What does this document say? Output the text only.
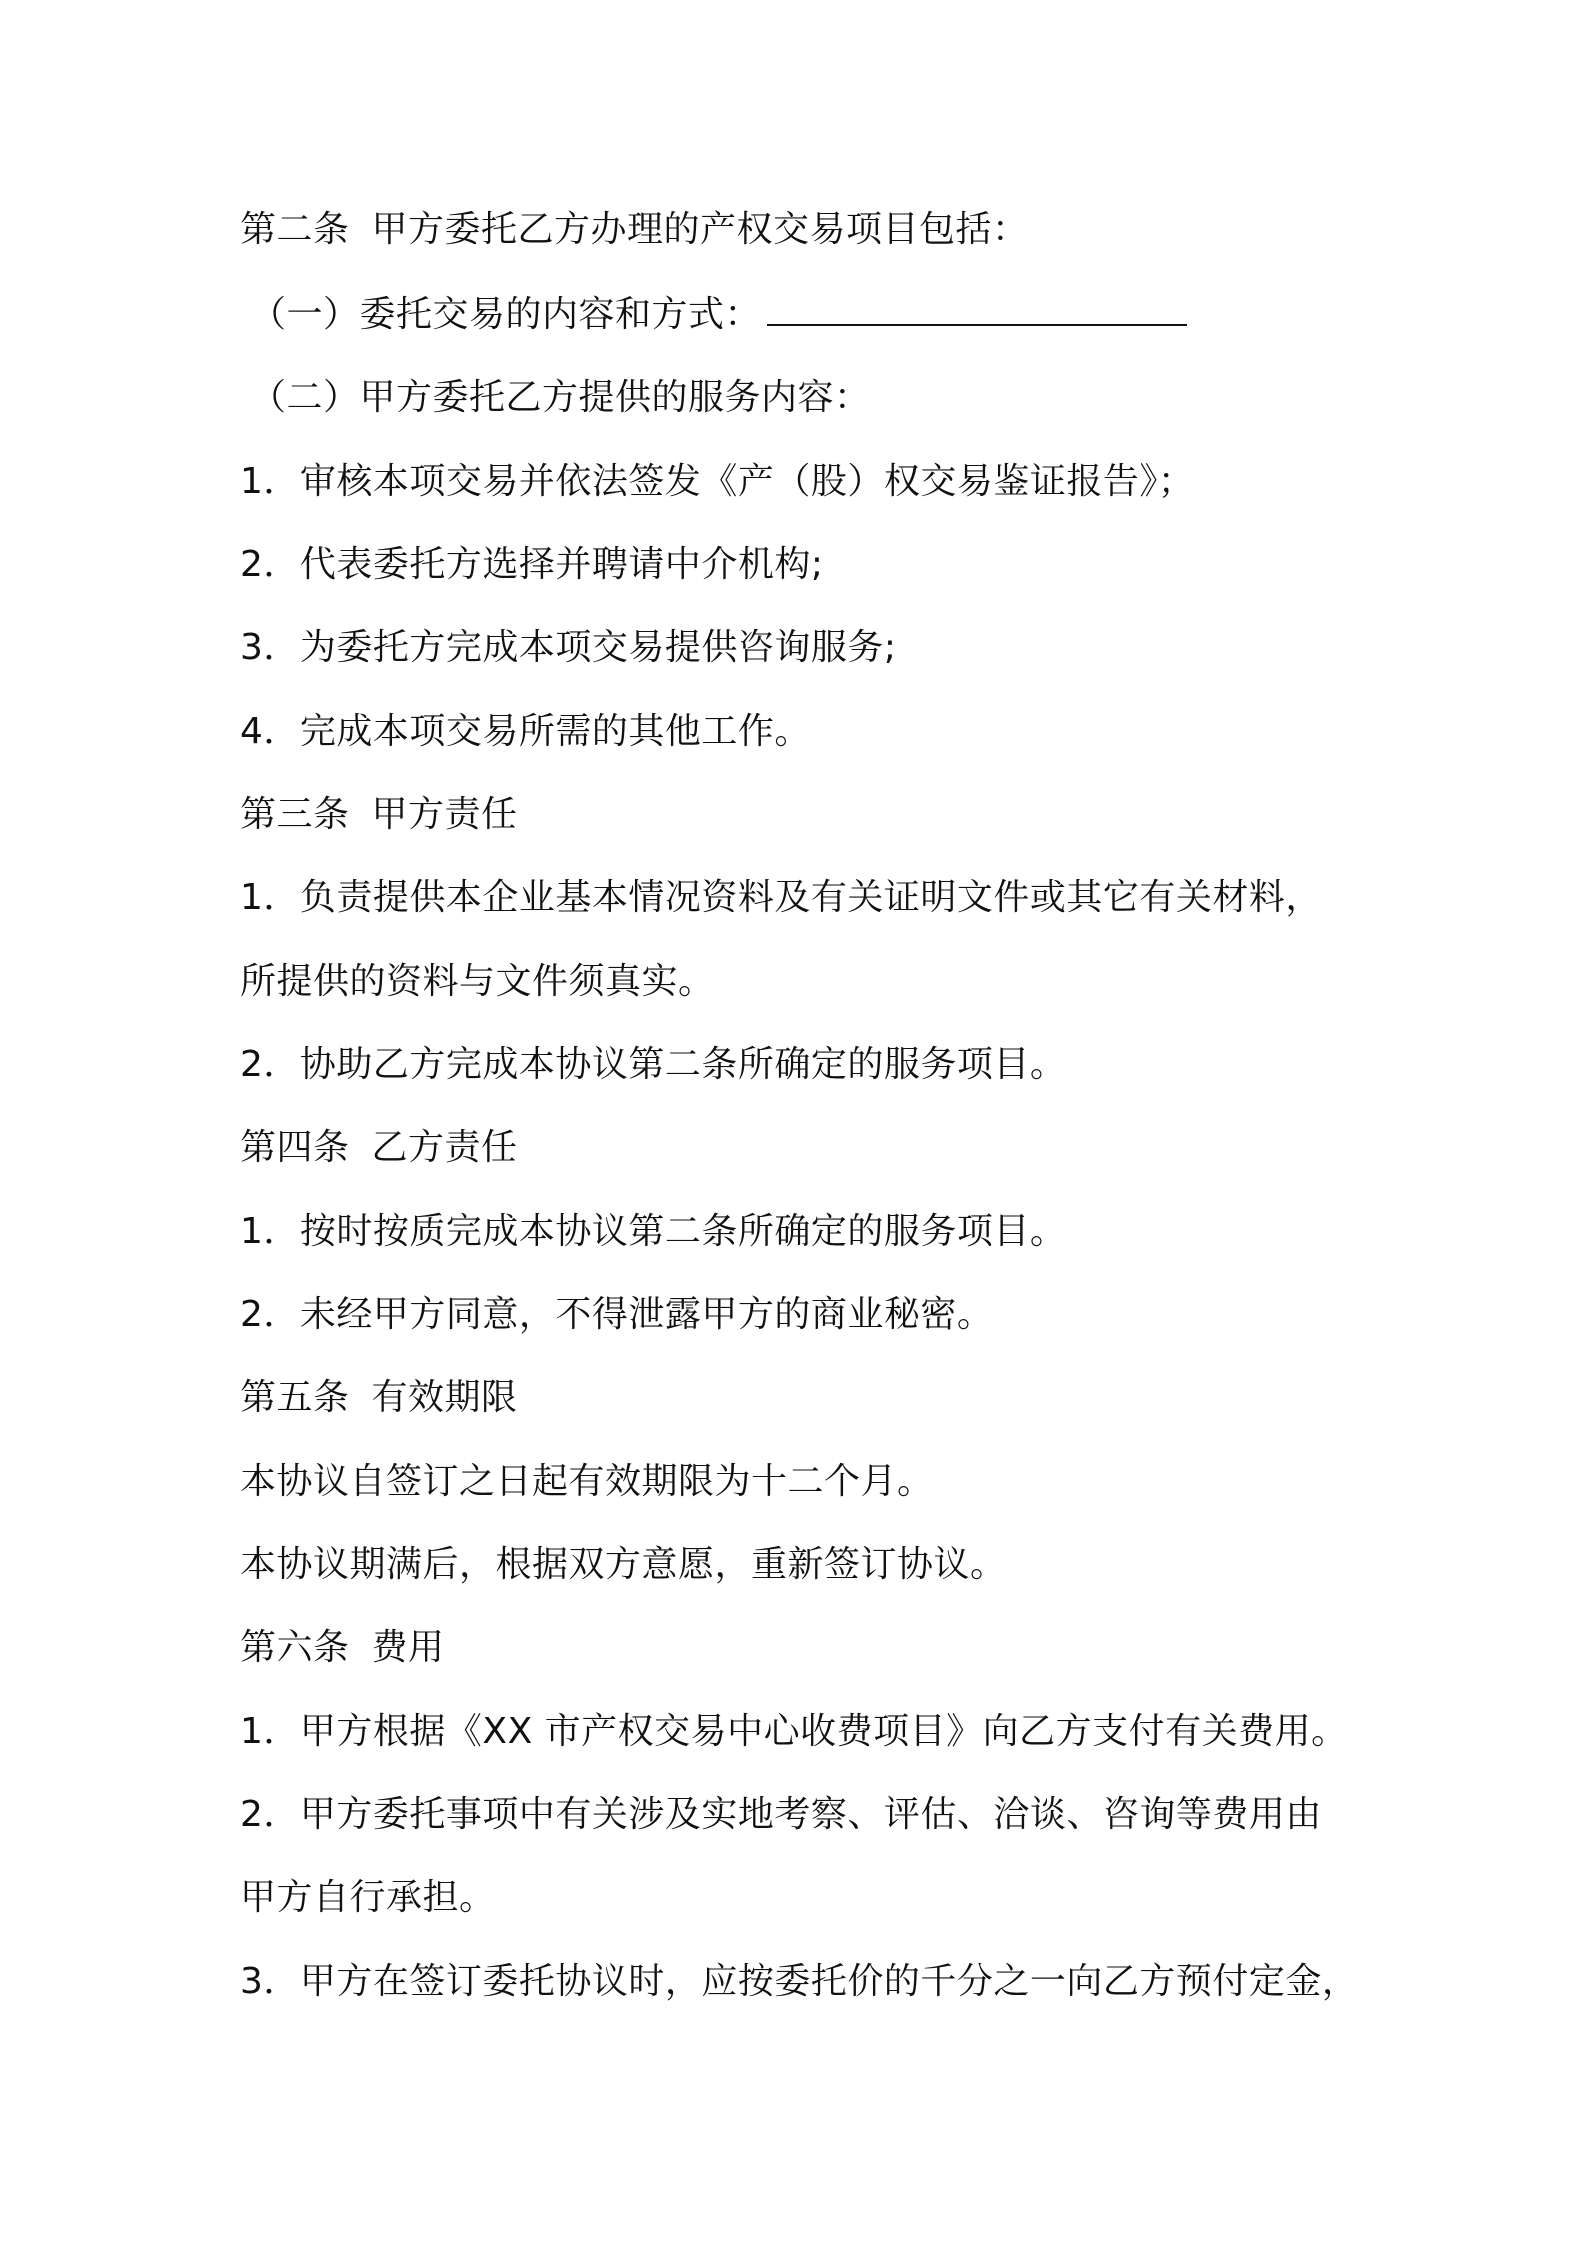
第二条 甲方委托乙方办理的产权交易项目包括：
（一）委托交易的内容和方式：
（二）甲方委托乙方提供的服务内容：
1．审核本项交易并依法签发《产（股）权交易鉴证报告》；
2．代表委托方选择并聘请中介机构;
3．为委托方完成本项交易提供咨询服务;
4．完成本项交易所需的其他工作。
第三条 甲方责任
1．负责提供本企业基本情况资料及有关证明文件或其它有关材料，
所提供的资料与文件须真实。
2．协助乙方完成本协议第二条所确定的服务项目。
第四条 乙方责任
1．按时按质完成本协议第二条所确定的服务项目。
2．未经甲方同意，不得泄露甲方的商业秘密。
第五条 有效期限
本协议自签订之日起有效期限为十二个月。
本协议期满后，根据双方意愿，重新签订协议。
第六条 费用
1．甲方根据《XX 市产权交易中心收费项目》向乙方支付有关费用。
2．甲方委托事项中有关涉及实地考察、评估、洽谈、咨询等费用由
甲方自行承担。
3．甲方在签订委托协议时，应按委托价的千分之一向乙方预付定金，
